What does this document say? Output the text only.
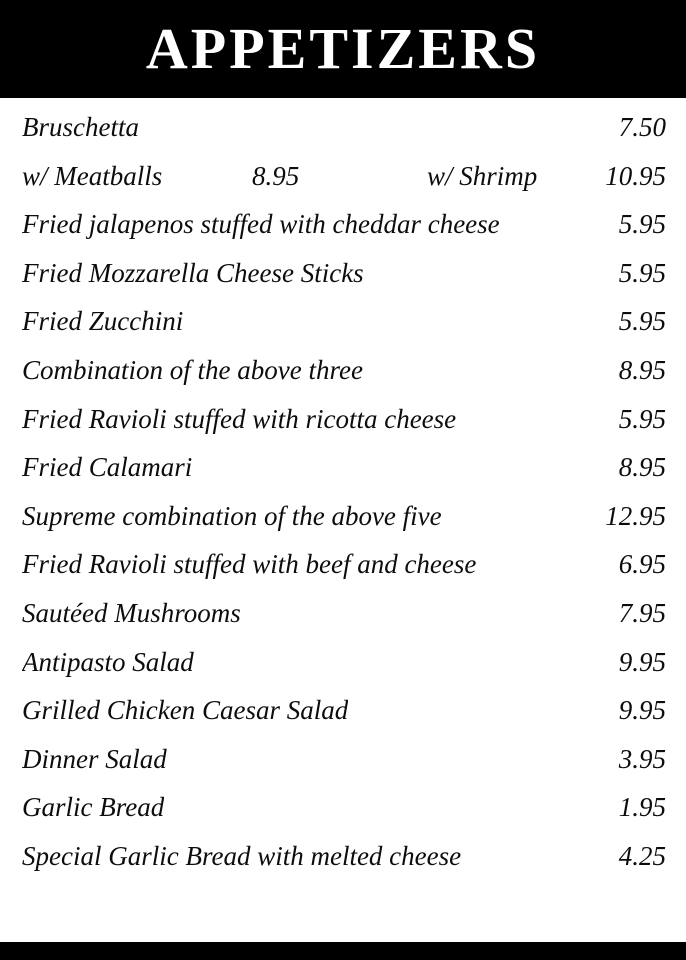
APPETIZERS
Bruschetta	7.50
w/ Meatballs	8.95	w/ Shrimp	10.95
Fried jalapenos stuffed with cheddar cheese	5.95
Fried Mozzarella Cheese Sticks	5.95
Fried Zucchini	5.95
Combination of the above three	8.95
Fried Ravioli stuffed with ricotta cheese	5.95
Fried Calamari	8.95
Supreme combination of the above five	12.95
Fried Ravioli stuffed with beef and cheese	6.95
Sautéed Mushrooms	7.95
Antipasto Salad	9.95
Grilled Chicken Caesar Salad	9.95
Dinner Salad	3.95
Garlic Bread	1.95
Special Garlic Bread with melted cheese	4.25
